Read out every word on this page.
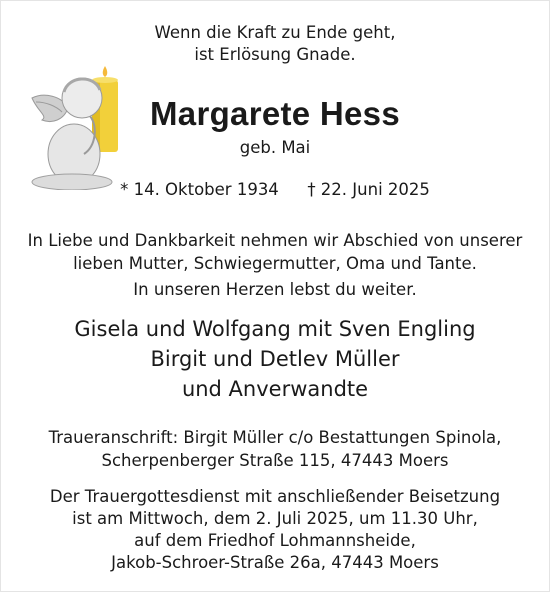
Wenn die Kraft zu Ende geht,
ist Erlösung Gnade.
Margarete Hess
geb. Mai
* 14. Oktober 1934 † 22. Juni 2025
In Liebe und Dankbarkeit nehmen wir Abschied von unserer
lieben Mutter, Schwiegermutter, Oma und Tante.
In unseren Herzen lebst du weiter.
Gisela und Wolfgang mit Sven Engling
Birgit und Detlev Müller
und Anverwandte
Traueranschrift: Birgit Müller c/o Bestattungen Spinola,
Scherpenberger Straße 115, 47443 Moers
Der Trauergottesdienst mit anschließender Beisetzung
ist am Mittwoch, dem 2. Juli 2025, um 11.30 Uhr,
auf dem Friedhof Lohmannsheide,
Jakob-Schroer-Straße 26a, 47443 Moers
